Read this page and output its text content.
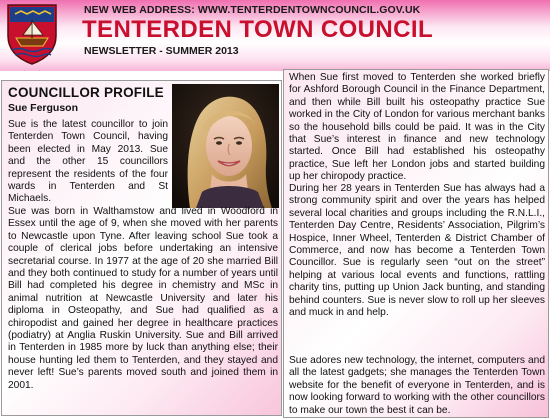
NEW WEB ADDRESS: WWW.TENTERDENTOWNCOUNCIL.GOV.UK
TENTERDEN TOWN COUNCIL
NEWSLETTER - SUMMER 2013
COUNCILLOR PROFILE
Sue Ferguson

Sue is the latest councillor to join Tenterden Town Council, having been elected in May 2013. Sue and the other 15 councillors represent the residents of the four wards in Tenterden and St Michaels.

Sue was born in Walthamstow and lived in Woodford in Essex until the age of 9, when she moved with her parents to Newcastle upon Tyne. After leaving school Sue took a couple of clerical jobs before undertaking an intensive secretarial course. In 1977 at the age of 20 she married Bill and they both continued to study for a number of years until Bill had completed his degree in chemistry and MSc in animal nutrition at Newcastle University and later his diploma in Osteopathy, and Sue had qualified as a chiropodist and gained her degree in healthcare practices (podiatry) at Anglia Ruskin University. Sue and Bill arrived in Tenterden in 1985 more by luck than anything else; their house hunting led them to Tenterden, and they stayed and never left! Sue’s parents moved south and joined them in 2001.

When Sue first moved to Tenterden she worked briefly for Ashford Borough Council in the Finance Department, and then while Bill built his osteopathy practice Sue worked in the City of London for various merchant banks so the household bills could be paid. It was in the City that Sue’s interest in finance and new technology started. Once Bill had established his osteopathy practice, Sue left her London jobs and started building up her chiropody practice.

During her 28 years in Tenterden Sue has always had a strong community spirit and over the years has helped several local charities and groups including the R.N.L.I., Tenterden Day Centre, Residents’ Association, Pilgrim’s Hospice, Inner Wheel, Tenterden & District Chamber of Commerce, and now has become a Tenterden Town Councillor. Sue is regularly seen “out on the street” helping at various local events and functions, rattling charity tins, putting up Union Jack bunting, and standing behind counters. Sue is never slow to roll up her sleeves and muck in and help.

Sue adores new technology, the internet, computers and all the latest gadgets; she manages the Tenterden Town website for the benefit of everyone in Tenterden, and is now looking forward to working with the other councillors to make our town the best it can be.
